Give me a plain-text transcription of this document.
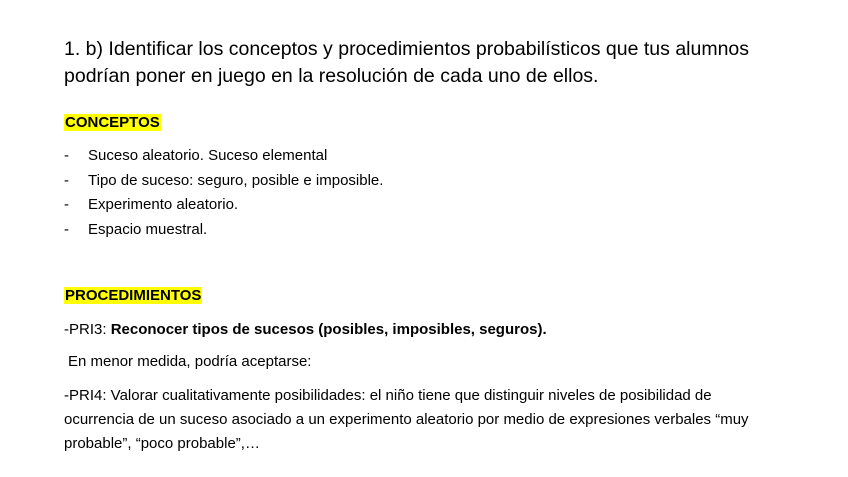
1. b) Identificar los conceptos y procedimientos probabilísticos que tus alumnos podrían poner en juego en la resolución de cada uno de ellos.
CONCEPTOS
- Suceso aleatorio. Suceso elemental
- Tipo de suceso: seguro, posible e imposible.
- Experimento aleatorio.
- Espacio muestral.
PROCEDIMIENTOS
-PRI3: Reconocer tipos de sucesos (posibles, imposibles, seguros).
En menor medida, podría aceptarse:
-PRI4: Valorar cualitativamente posibilidades: el niño tiene que distinguir niveles de posibilidad de ocurrencia de un suceso asociado a un experimento aleatorio por medio de expresiones verbales “muy probable”, “poco probable”,…
